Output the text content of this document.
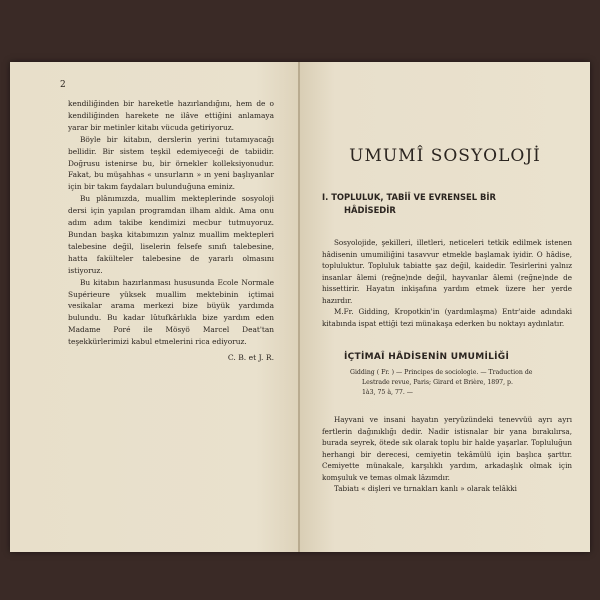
2

kendiliğinden bir hareketle hazırlandığını, hem de o kendiliğinden harekete ne ilâve ettiğini anlamaya yarar bir metinler kitabı vücuda getiriyoruz.

Böyle bir kitabın, derslerin yerini tutamıyacağı bellidir. Bir sistem teşkil edemiyeceği de tabiidir. Doğrusu istenirse bu, bir örnekler kolleksiyonudur. Fakat, bu müşahhas « unsurların » ın yeni başlıyanlar için bir takım faydaları bulunduğuna eminiz.

Bu plânımızda, muallim mekteplerinde sosyoloji dersi için yapılan programdan ilham aldık. Ama onu adım adım takibe kendimizi mecbur tutmuyoruz. Bundan başka kitabımızın yalnız muallim mektepleri talebesine değil, liselerin felsefe sınıfı talebesine, hatta fakülteler talebesine de yararlı olmasını istiyoruz.

Bu kitabın hazırlanması hususunda Ecole Normale Supérieure yüksek muallim mektebinin içtimai vesikalar arama merkezi bize büyük yardımda bulundu. Bu kadar lûtufkârlıkla bize yardım eden Madame Poré ile Mösyö Marcel Deat'tan teşekkürlerimizi kabul etmelerini rica ediyoruz.

C. B. et J. R.
UMUMÎ SOSYOLOJİ
I. TOPLULUK, TABİÎ VE EVRENSEL BİR
HÂDİSEDİR

Sosyolojide, şekilleri, illetleri, neticeleri tetkik edilmek istenen hâdisenin umumiliğini tasavvur etmekle başlamak iyidir. O hâdise, topluluktur. Topluluk tabiatte şaz değil, kaidedir. Tesirlerini yalnız insanlar âlemi (reğne)nde değil, hayvanlar âlemi (reğne)nde de hissettirir. Hayatın inkişafına yardım etmek üzere her yerde hazırdır.

M.Fr. Gidding, Kropotkin'in (yardımlaşma) Entr'aide adındaki kitabında ispat ettiği tezi münakaşa ederken bu noktayı aydınlatır.

İÇTİMAÎ HÂDİSENİN UMUMİLİĞİ

Gidding ( Fr. ) — Principes de sociologie. — Traduction de

Lestrade revue, Paris; Girard et Brière, 1897, p.

1à3, 75 à, 77. —

Hayvani ve insani hayatın yeryüzündeki tenevvüü ayrı ayrı fertlerin dağınıklığı dedir. Nadir istisnalar bir yana bırakılırsa, burada seyrek, ötede sık olarak toplu bir halde yaşarlar. Topluluğun herhangi bir derecesi, cemiyetin tekâmülü için başlıca şarttır. Cemiyette münakale, karşılıklı yardım, arkadaşlık olmak için komşuluk ve temas olmak lâzımdır.

Tabiatı « dişleri ve tırnakları kanlı » olarak telâkki
